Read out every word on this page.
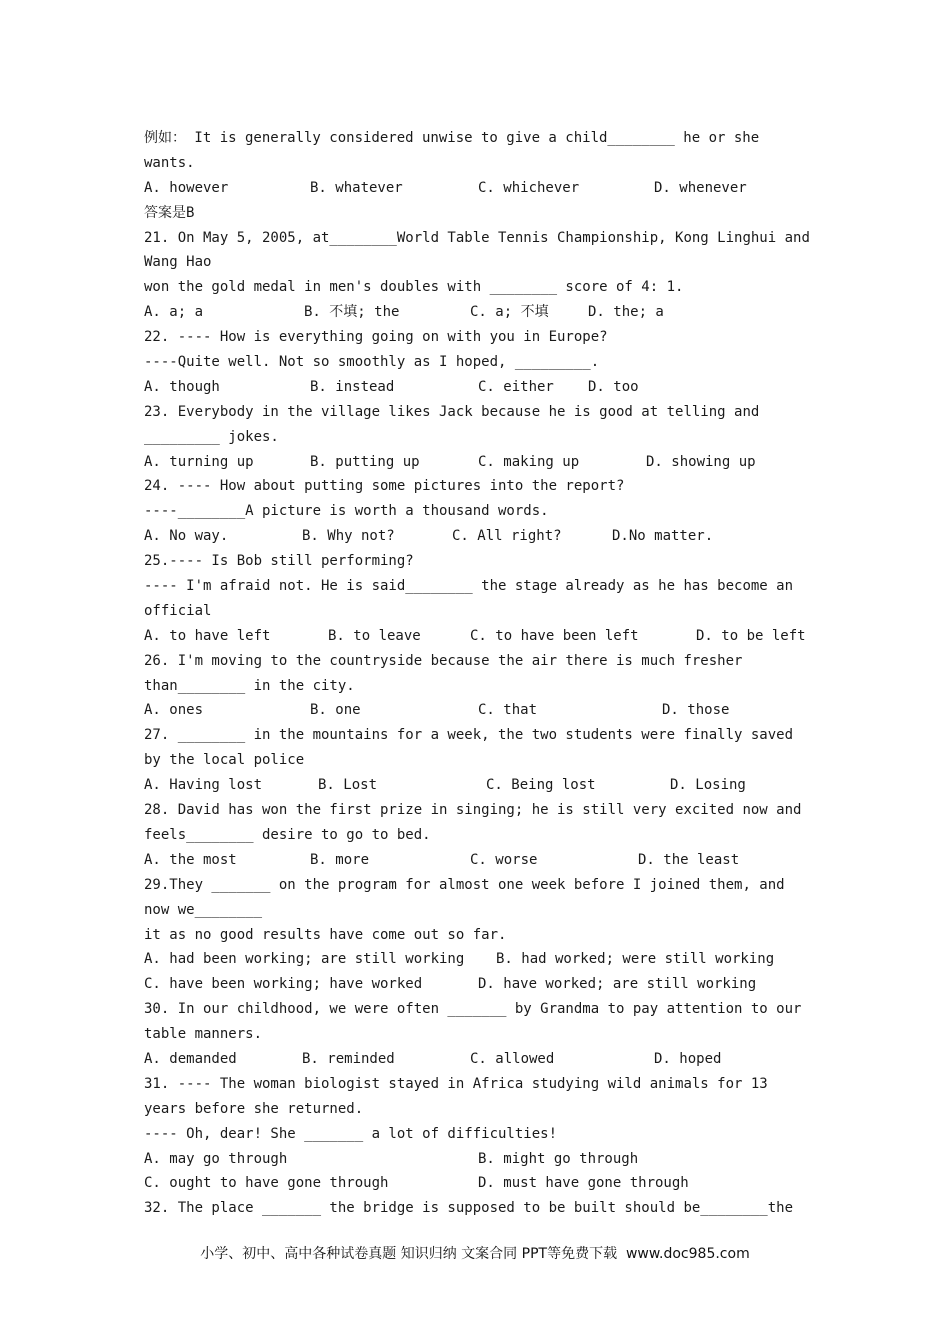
例如： It is generally considered unwise to give a child________ he or she
wants.
A. however	B. whatever	C. whichever	D. whenever
答案是B
21. On May 5, 2005, at________World Table Tennis Championship, Kong Linghui and
Wang Hao
won the gold medal in men's doubles with ________ score of 4: 1.
A. a; a	B. 不填; the	C. a; 不填	D. the; a
22. ---- How is everything going on with you in Europe?
----Quite well. Not so smoothly as I hoped, _________.
A. though	B. instead	C. either	D. too
23. Everybody in the village likes Jack because he is good at telling and
_________ jokes.
A. turning up	B. putting up	C. making up	D. showing up
24. ---- How about putting some pictures into the report?
----________A picture is worth a thousand words.
A. No way.	B. Why not?	C. All right?	D.No matter.
25.---- Is Bob still performing?
---- I'm afraid not. He is said________ the stage already as he has become an
official
A. to have left	B. to leave	C. to have been left	D. to be left
26. I'm moving to the countryside because the air there is much fresher
than________ in the city.
A. ones	B. one	C. that	D. those
27. ________ in the mountains for a week, the two students were finally saved
by the local police
A. Having lost	B. Lost	C. Being lost	D. Losing
28. David has won the first prize in singing; he is still very excited now and
feels________ desire to go to bed.
A. the most	B. more	C. worse	D. the least
29.They _______ on the program for almost one week before I joined them, and
now we________
it as no good results have come out so far.
A. had been working; are still working	B. had worked; were still working
C. have been working; have worked	D. have worked; are still working
30. In our childhood, we were often _______ by Grandma to pay attention to our
table manners.
A. demanded	B. reminded	C. allowed	D. hoped
31. ---- The woman biologist stayed in Africa studying wild animals for 13
years before she returned.
---- Oh, dear! She _______ a lot of difficulties!
A. may go through	B. might go through
C. ought to have gone through	D. must have gone through
32. The place _______ the bridge is supposed to be built should be________the
小学、初中、高中各种试卷真题 知识归纳 文案合同 PPT等免费下载  www.doc985.com
